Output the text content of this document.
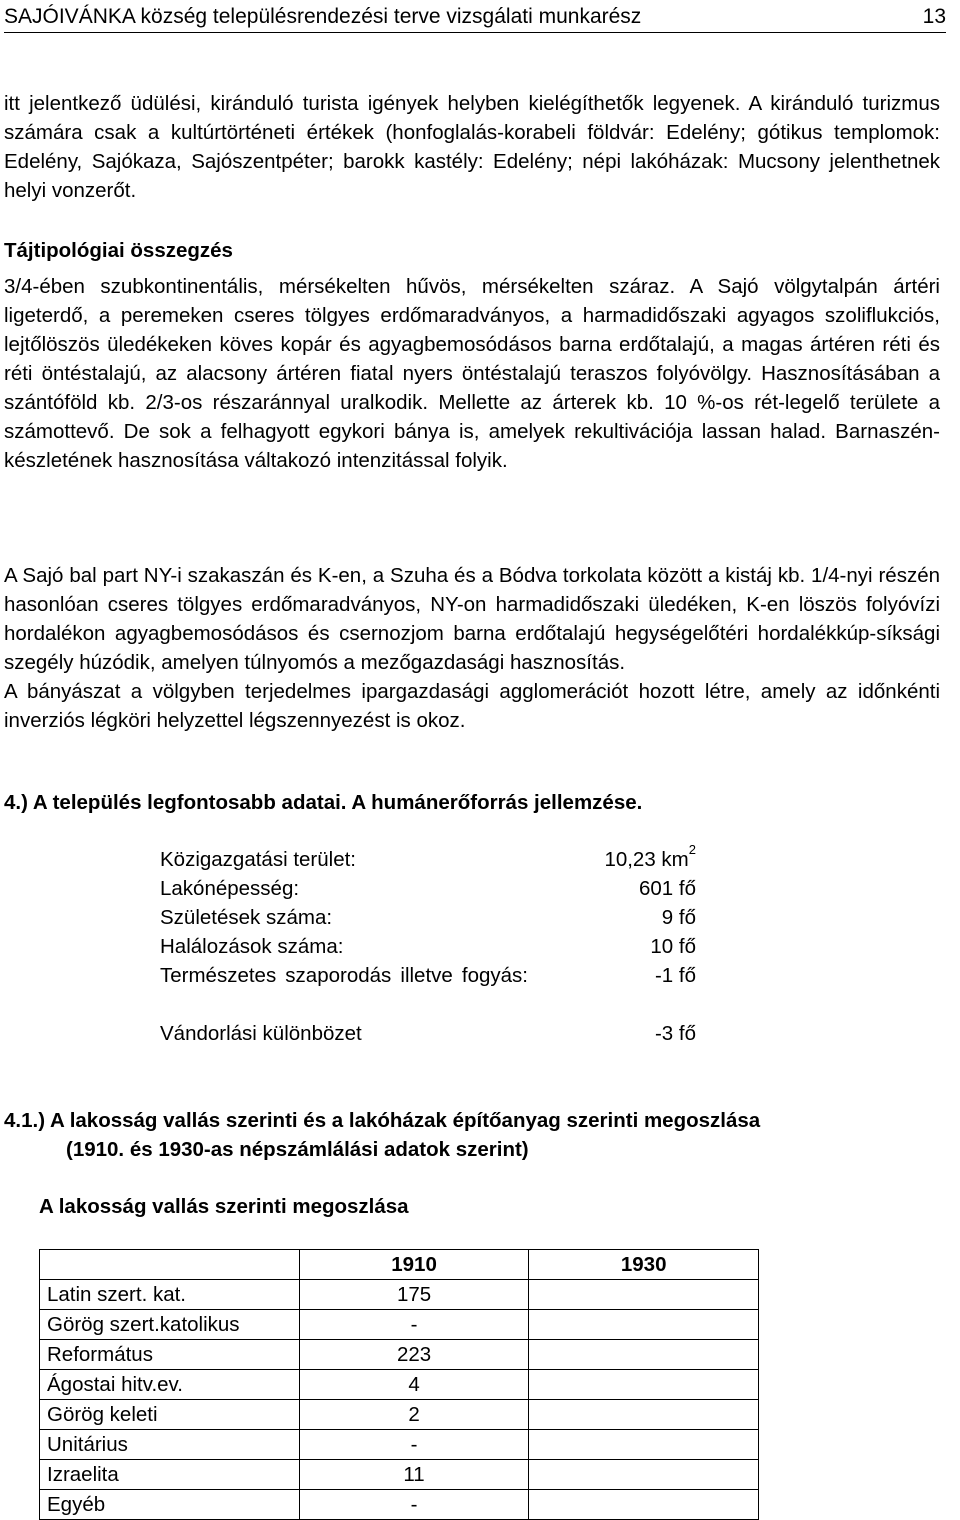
SAJÓIVÁNKA község településrendezési terve vizsgálati munkarész	13

itt jelentkező üdülési, kiránduló turista igények helyben kielégíthetők legyenek. A kiránduló turizmus számára csak a kultúrtörténeti értékek (honfoglalás-korabeli földvár: Edelény; gótikus templomok: Edelény, Sajókaza, Sajószentpéter; barokk kastély: Edelény; népi lakóházak: Mucsony jelenthetnek helyi vonzerőt.

Tájtipológiai összegzés

3/4-ében szubkontinentális, mérsékelten hűvös, mérsékelten száraz. A Sajó völgytalpán ártéri ligeterdő, a peremeken cseres tölgyes erdőmaradványos, a harmadidőszaki agyagos szoliflukciós, lejtőlöszös üledékeken köves kopár és agyagbemosódásos barna erdőtalajú, a magas ártéren réti és réti öntéstalajú, az alacsony ártéren fiatal nyers öntéstalajú teraszos folyóvölgy. Hasznosításában a szántóföld kb. 2/3-os részaránnyal uralkodik. Mellette az árterek kb. 10 %-os rét-legelő területe a számottevő. De sok a felhagyott egykori bánya is, amelyek rekultivációja lassan halad. Barnaszén-készletének hasznosítása váltakozó intenzitással folyik.

A Sajó bal part NY-i szakaszán és K-en, a Szuha és a Bódva torkolata között a kistáj kb. 1/4-nyi részén hasonlóan cseres tölgyes erdőmaradványos, NY-on harmadidőszaki üledéken, K-en löszös folyóvízi hordalékon agyagbemosódásos és csernozjom barna erdőtalajú hegységelőtéri hordalékkúp-síksági szegély húzódik, amelyen túlnyomós a mezőgazdasági hasznosítás.

A bányászat a völgyben terjedelmes ipargazdasági agglomerációt hozott létre, amely az időnkénti inverziós légköri helyzettel légszennyezést is okoz.

4.) A település legfontosabb adatai. A humánerőforrás jellemzése.

Közigazgatási terület:	10,23 $km^2$
Lakónépesség:	601 fő
Születések száma:	9 fő
Halálozások száma:	10 fő
Természetes szaporodás illetve fogyás:	-1 fő
Vándorlási különbözet	-3 fő

4.1.) A lakosság vallás szerinti és a lakóházak építőanyag szerinti megoszlása

(1910. és 1930-as népszámlálási adatok szerint)

A lakosság vallás szerinti megoszlása

	1910	1930
Latin szert. kat.	175	
Görög szert.katolikus	-	
Református	223	
Ágostai hitv.ev.	4	
Görög keleti	2	
Unitárius	-	
Izraelita	11	
Egyéb	-	
